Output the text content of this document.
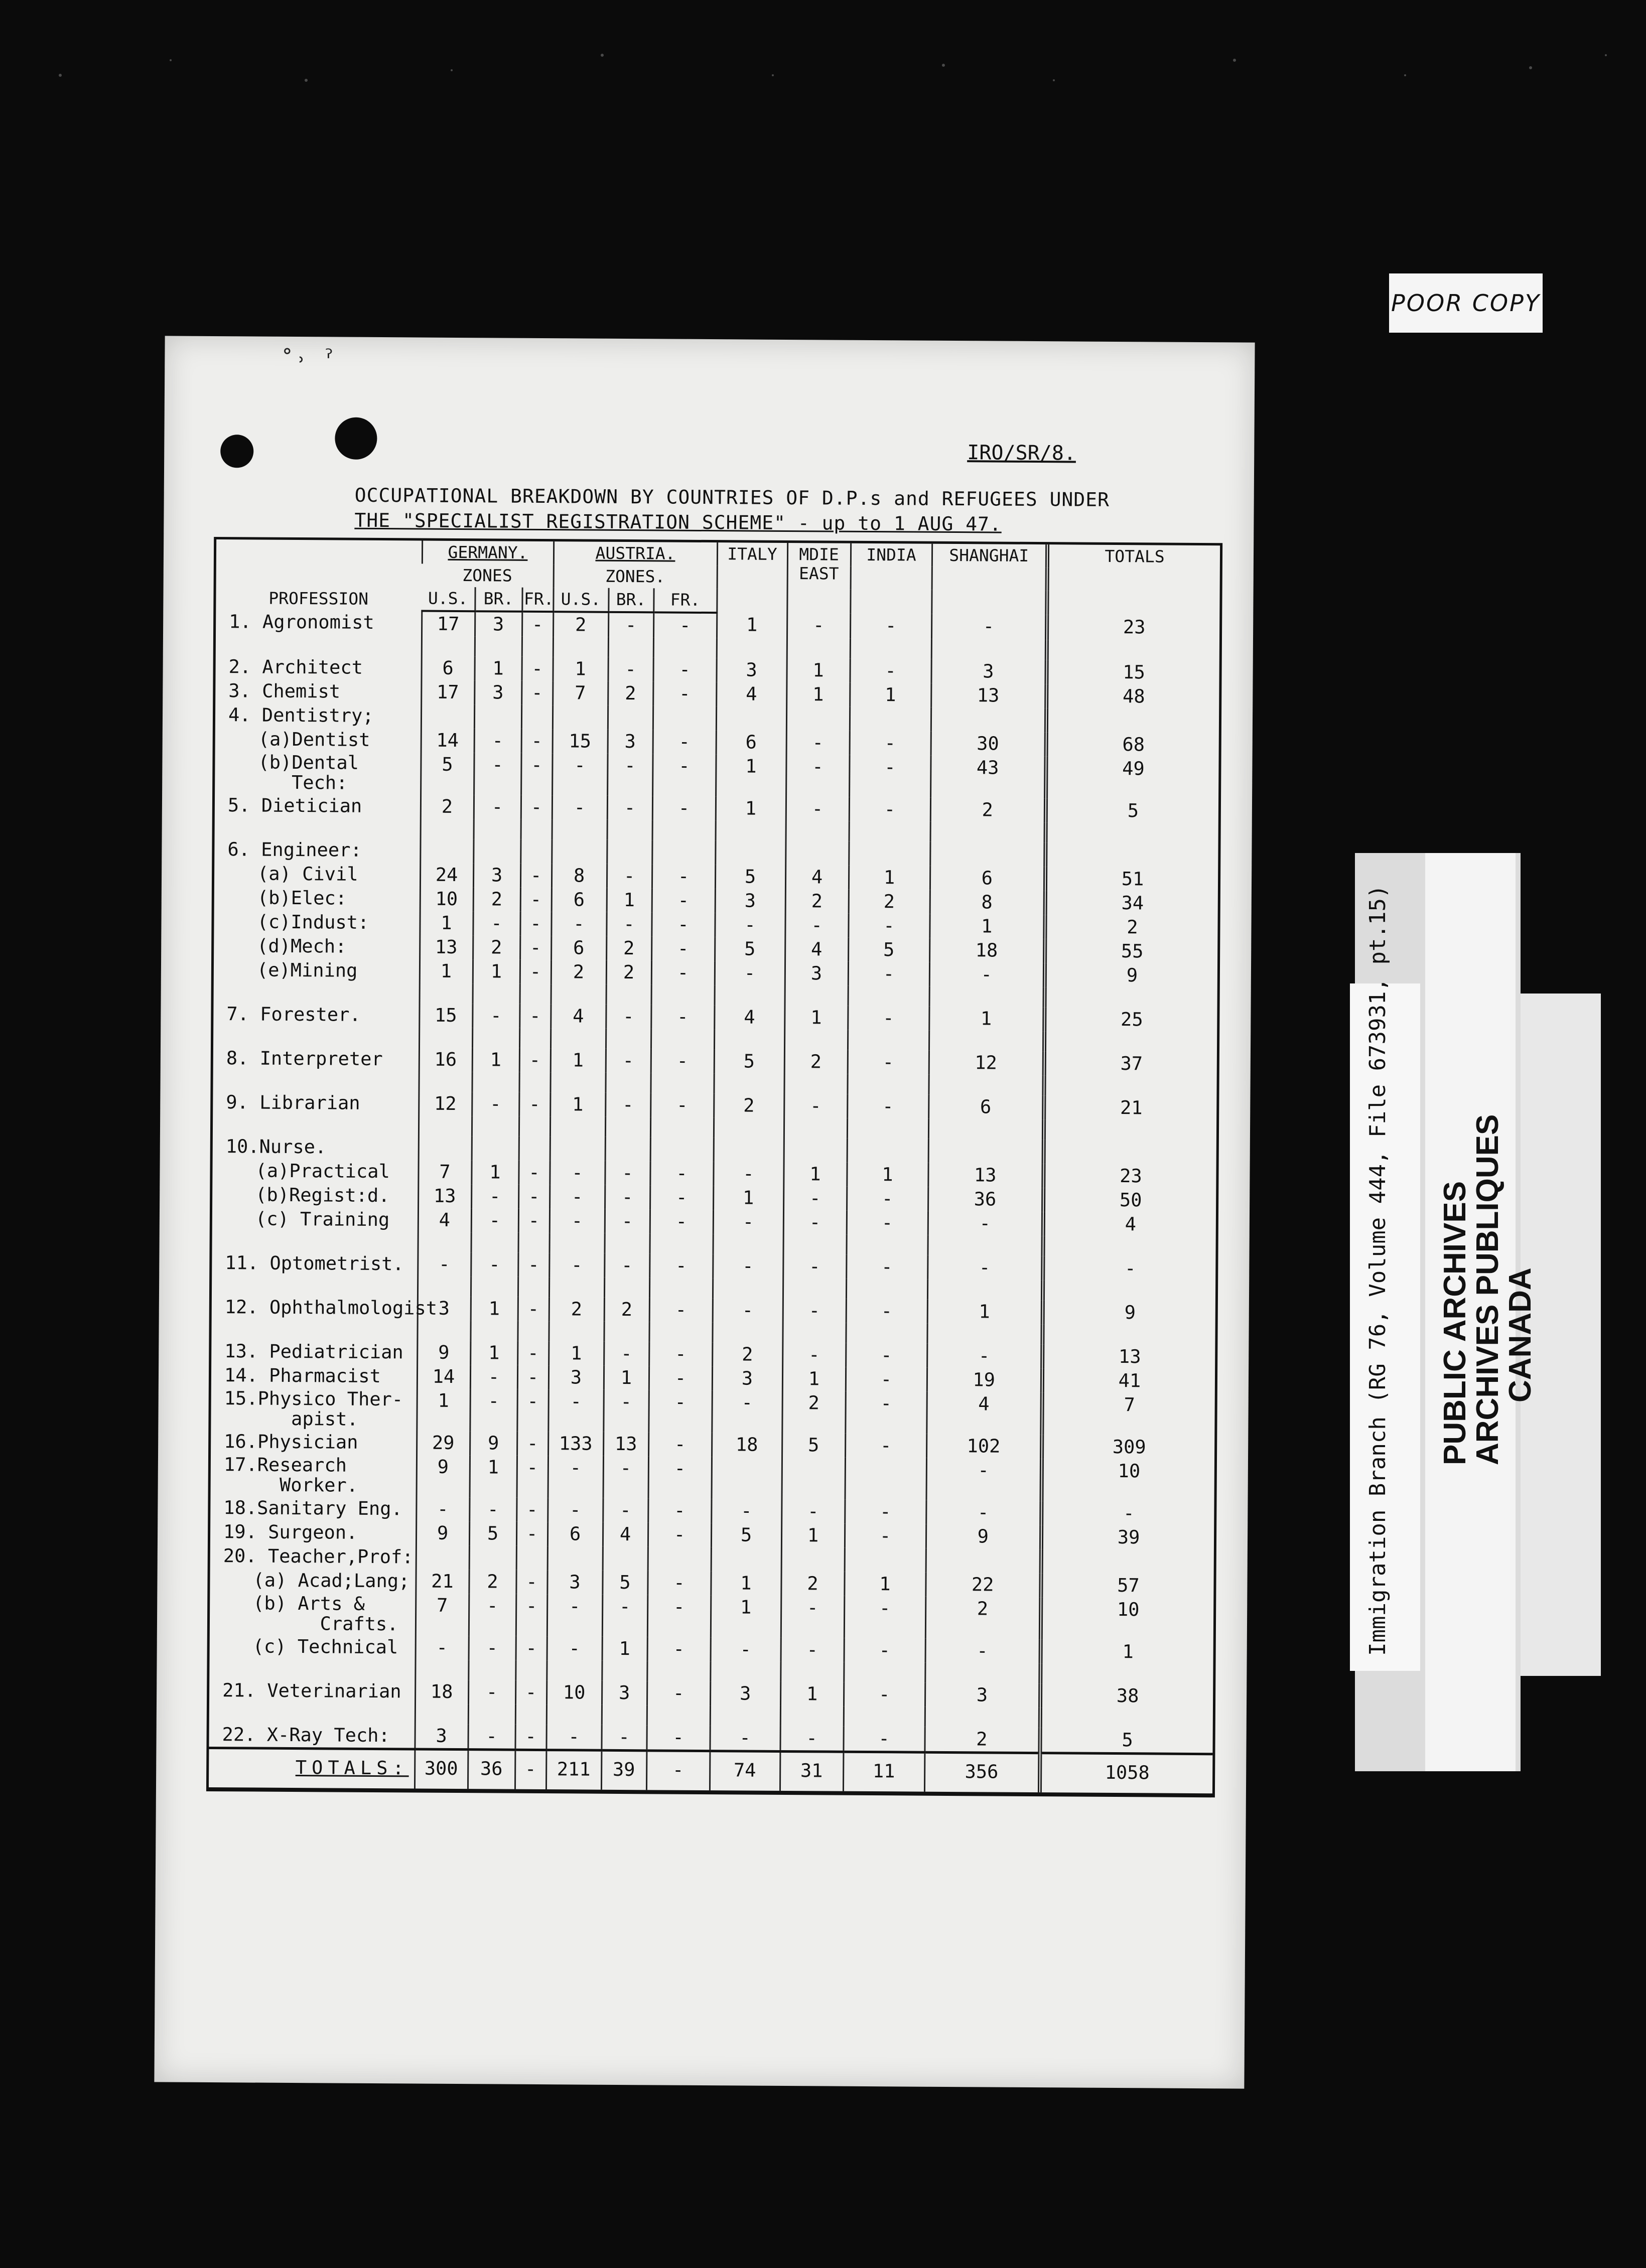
˚˒ ˀ
IRO/SR/8.
OCCUPATIONAL BREAKDOWN BY COUNTRIES OF D.P.s and REFUGEES UNDER
THE "SPECIALIST REGISTRATION SCHEME" - up to 1 AUG 47.
PROFESSION	GERMANY.			AUSTRIA.			ITALY	MDIE EAST	INDIA	SHANGHAI	TOTALS
	ZONES			ZONES.							
	U.S.	BR.	FR.	U.S.	BR.	FR.					
1. Agronomist	17	3	-	2	-	-	1	-	-	-	23

2. Architect	6	1	-	1	-	-	3	1	-	3	15
3. Chemist	17	3	-	7	2	-	4	1	1	13	48
4. Dentistry;											
(a)Dentist	14	-	-	15	3	-	6	-	-	30	68
(b)Dental
Tech:	5	-	-	-	-	-	1	-	-	43	49
5. Dietician	2	-	-	-	-	-	1	-	-	2	5

6. Engineer:											
(a) Civil	24	3	-	8	-	-	5	4	1	6	51
(b)Elec:	10	2	-	6	1	-	3	2	2	8	34
(c)Indust:	1	-	-	-	-	-	-	-	-	1	2
(d)Mech:	13	2	-	6	2	-	5	4	5	18	55
(e)Mining	1	1	-	2	2	-	-	3	-	-	9

7. Forester.	15	-	-	4	-	-	4	1	-	1	25

8. Interpreter	16	1	-	1	-	-	5	2	-	12	37

9. Librarian	12	-	-	1	-	-	2	-	-	6	21

10.Nurse.											
(a)Practical	7	1	-	-	-	-	-	1	1	13	23
(b)Regist:d.	13	-	-	-	-	-	1	-	-	36	50
(c) Training	4	-	-	-	-	-	-	-	-	-	4

11. Optometrist.	-	-	-	-	-	-	-	-	-	-	-

12. Ophthalmologist	3	1	-	2	2	-	-	-	-	1	9

13. Pediatrician	9	1	-	1	-	-	2	-	-	-	13
14. Pharmacist	14	-	-	3	1	-	3	1	-	19	41
15.Physico Ther-
apist.	1	-	-	-	-	-	-	2	-	4	7
16.Physician	29	9	-	133	13	-	18	5	-	102	309
17.Research
Worker.	9	1	-	-	-	-				-	10
18.Sanitary Eng.	-	-	-	-	-	-	-	-	-	-	-
19. Surgeon.	9	5	-	6	4	-	5	1	-	9	39
20. Teacher,Prof:											
(a) Acad;Lang;	21	2	-	3	5	-	1	2	1	22	57
(b) Arts &
Crafts.	7	-	-	-	-	-	1	-	-	2	10
(c) Technical	-	-	-	-	1	-	-	-	-	-	1

21. Veterinarian	18	-	-	10	3	-	3	1	-	3	38

22. X-Ray Tech:	3	-	-	-	-	-	-	-	-	2	5
TOTALS:	300	36	-	211	39	-	74	31	11	356	1058
POOR COPY
Immigration Branch (RG 76, Volume 444, File 673931, pt.15) PUBLIC ARCHIVES
ARCHIVES PUBLIQUES
CANADA
